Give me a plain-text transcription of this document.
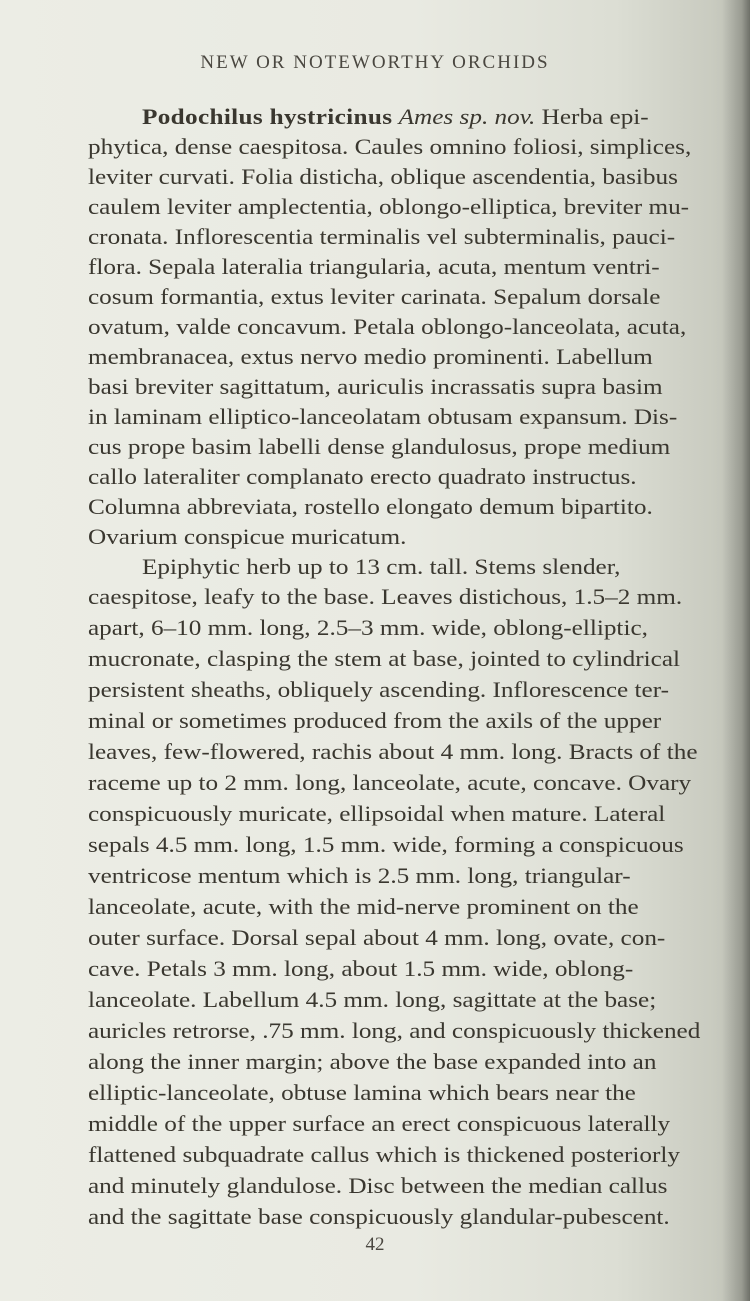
NEW OR NOTEWORTHY ORCHIDS
Podochilus hystricinus Ames sp. nov. Herba epi-
phytica, dense caespitosa. Caules omnino foliosi, simplices,
leviter curvati. Folia disticha, oblique ascendentia, basibus
caulem leviter amplectentia, oblongo-elliptica, breviter mu-
cronata. Inflorescentia terminalis vel subterminalis, pauci-
flora. Sepala lateralia triangularia, acuta, mentum ventri-
cosum formantia, extus leviter carinata. Sepalum dorsale
ovatum, valde concavum. Petala oblongo-lanceolata, acuta,
membranacea, extus nervo medio prominenti. Labellum
basi breviter sagittatum, auriculis incrassatis supra basim
in laminam elliptico-lanceolatam obtusam expansum. Dis-
cus prope basim labelli dense glandulosus, prope medium
callo lateraliter complanato erecto quadrato instructus.
Columna abbreviata, rostello elongato demum bipartito.
Ovarium conspicue muricatum.
Epiphytic herb up to 13 cm. tall. Stems slender,
caespitose, leafy to the base. Leaves distichous, 1.5–2 mm.
apart, 6–10 mm. long, 2.5–3 mm. wide, oblong-elliptic,
mucronate, clasping the stem at base, jointed to cylindrical
persistent sheaths, obliquely ascending. Inflorescence ter-
minal or sometimes produced from the axils of the upper
leaves, few-flowered, rachis about 4 mm. long. Bracts of the
raceme up to 2 mm. long, lanceolate, acute, concave. Ovary
conspicuously muricate, ellipsoidal when mature. Lateral
sepals 4.5 mm. long, 1.5 mm. wide, forming a conspicuous
ventricose mentum which is 2.5 mm. long, triangular-
lanceolate, acute, with the mid-nerve prominent on the
outer surface. Dorsal sepal about 4 mm. long, ovate, con-
cave. Petals 3 mm. long, about 1.5 mm. wide, oblong-
lanceolate. Labellum 4.5 mm. long, sagittate at the base;
auricles retrorse, .75 mm. long, and conspicuously thickened
along the inner margin; above the base expanded into an
elliptic-lanceolate, obtuse lamina which bears near the
middle of the upper surface an erect conspicuous laterally
flattened subquadrate callus which is thickened posteriorly
and minutely glandulose. Disc between the median callus
and the sagittate base conspicuously glandular-pubescent.
42
